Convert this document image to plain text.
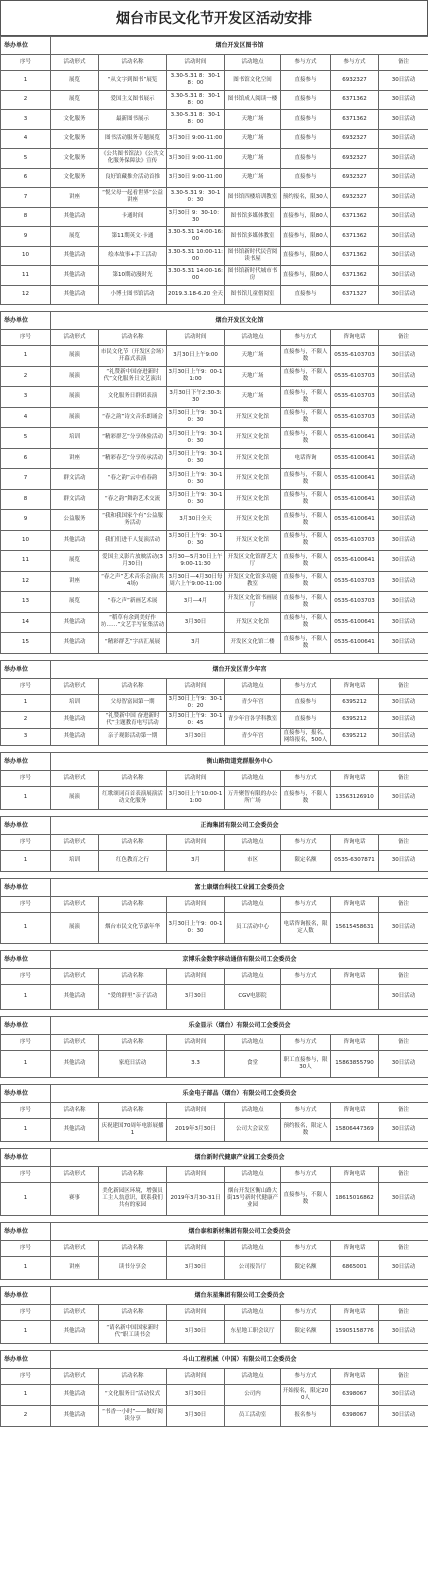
烟台市民文化节开发区活动安排
举办单位	烟台开发区图书馆						
序号	活动形式	活动名称	活动时间	活动地点	参与方式	参与方式	备注
1	展览	“从文字到图书”展览	3.30-5.31 8：30-18：00	图书馆文化空间	直接参与	6932327	30日活动
2	展览	爱国主义图书展示	3.30-5.31 8：30-18：00	图书馆成人阅读一楼	直接参与	6371362	30日活动
3	文化服务	最新图书展示	3.30-5.31 8：30-18：00	天地广场	直接参与	6371362	30日活动
4	文化服务	图书活动服务专题展览	3月30日 9:00-11:00	天地广场	直接参与	6932327	30日活动
5	文化服务	《公共图书馆法》《公共文化服务保障法》宣传	3月30日 9:00-11:00	天地广场	直接参与	6932327	30日活动
6	文化服务	良好馆藏推介活动首推	3月30日 9:00-11:00	天地广场	直接参与	6932327	30日活动
7	讲座	“悦父母一起看世界”公益讲座	3.30-5.31 9：30-10：30	图书馆四楼培训教室	预约报名，限30人	6932327	30日活动
8	其他活动	卡通时间	3月30日 9：30-10：30	图书馆多媒体教室	直接参与，限80人	6371362	30日活动
9	展览	第11期英文·卡通	3.30-5.31 14:00-16:00	图书馆多媒体教室	直接参与，限80人	6371362	30日活动
10	其他活动	绘本故事+手工活动	3.30-5.31 10:00-11:00	图书馆新时代民营阅读书屋	直接参与，限80人	6371362	30日活动
11	其他活动	第10期动漫时光	3.30-5.31 14:00-16:00	图书馆新时代城市书房	直接参与，限80人	6371362	30日活动
12	其他活动	小博士图书馆活动	2019.3.18-6.20 全天	图书馆儿童借阅室	直接参与	6371327	30日活动
举办单位	烟台开发区文化馆						
序号	活动形式	活动名称	活动时间	活动地点	参与方式	咨询电话	备注
1	展演	市民文化节（开发区会场）开幕式表演	3月30日上午9:00	天地广场	直接参与，不限人数	0535-6103703	30日活动
2	展演	“礼赞新中国奋进新时代”文化服务日文艺演出	3月30日上午9：00-11:00	天地广场	直接参与，不限人数	0535-6103703	30日活动
3	展演	文化服务日群团表演	3月30日下午2:30-3:30	天地广场	直接参与，不限人数	0535-6103703	30日活动
4	展演	“春之韵”诗文音乐朗诵会	3月30日上午9：30-10：30	开发区文化馆	直接参与，不限人数	0535-6103703	30日活动
5	培训	“精彩群艺”分享体验活动	3月30日上午9：30-10：30	开发区文化馆	直接参与，不限人数	0535-6100641	30日活动
6	讲座	“精彩春艺”分享传承活动	3月30日上午9：30-10：30	开发区文化馆	电话咨询	0535-6100641	30日活动
7	群文活动	“春之韵”云中看春韵	3月30日上午9：30-10：30	开发区文化馆	直接参与，不限人数	0535-6100641	30日活动
8	群文活动	“春之韵”舞韵艺术交流	3月30日上午9：30-10：30	开发区文化馆	直接参与，不限人数	0535-6100641	30日活动
9	公益服务	“我和我国家个有”公益服务活动	3月30日全天	开发区文化馆	直接参与，不限人数	0535-6100641	30日活动
10	其他活动	我们们进千人复演活动	3月30日上午9：30-10：30	开发区文化馆	直接参与，不限人数	0535-6103703	30日活动
11	展览	爱国主义影片放映活动(3月30日)	3月30—5月30日上午9:00-11:30	开发区文化馆群艺大厅	直接参与，不限人数	0535-6100641	30日活动
12	讲座	“春之声”艺术音乐会演(共4场)	3月30日—4月30日每周六上午9:00-11:00	开发区文化馆多功能教室	直接参与，不限人数	0535-6103703	30日活动
13	展览	“春之声”新画艺术展	3月—4月	开发区文化馆书画展厅	直接参与，不限人数	0535-6103703	30日活动
14	其他活动	“稻草有余到美好作坊……”文艺手写征集活动	3月30日	开发区文化馆	直接参与，不限人数	0535-6100641	30日活动
15	其他活动	“精彩群艺”字店汇展展	3月	开发区文化馆二楼	直接参与，不限人数	0535-6100641	30日活动
举办单位	烟台开发区青少年宫						
序号	活动形式	活动名称	活动时间	活动地点	参与方式	咨询电话	备注
1	培训	父母智富园第一期	3月30日上午9：30-10：20	青少年宫	直接参与	6395212	30日活动
2	其他活动	“礼赞新中国 奋进新时代”主题教育电写活动	3月30日上午9：30-10：45	青少年宫各学科教室	直接参与	6395212	30日活动
3	其他活动	亲子观影活动第一期	3月30日	青少年宫	直接参与，报名，网络报名，500人	6395212	30日活动
举办单位	衡山路街道党群服务中心						
序号	活动形式	活动名称	活动时间	活动地点	参与方式	咨询电话	备注
1	展演	红歌颂词百首表演展演活动文化服务	3月30日上午10:00-11:00	万升聚智有限的办公所广场	直接参与，不限人数	13563126910	30日活动
举办单位	正海集团有限公司工会委员会						
序号	活动形式	活动名称	活动时间	活动地点	参与方式	咨询电话	备注
1	培训	红色教育之行	3月	市区	限定名额	0535-6307871	30日活动
举办单位	富士康烟台科技工业园工会委员会						
序号	活动形式	活动名称	活动时间	活动地点	参与方式	咨询电话	备注
1	展演	烟台市民文化节嘉年华	3月30日上午9：00-10：30	员工活动中心	电话咨询报名，限定人数	15615458631	30日活动
举办单位	京博乐金数字移动通信有限公司工会委员会						
序号	活动形式	活动名称	活动时间	活动地点	参与方式	咨询电话	备注
1	其他活动	“爱的群里”亲子活动	3月30日	CGV电影院			30日活动
举办单位	乐金显示（烟台）有限公司工会委员会						
序号	活动形式	活动名称	活动时间	活动地点	参与方式	咨询电话	备注
1	其他活动	家庭日活动	3.3	食堂	职工直接参与，限30人	15863855790	30日活动
举办单位	乐金电子部品（烟台）有限公司工会委员会						
序号	活动名称	活动名称	活动时间	活动地点	参与方式	咨询电话	备注
1	其他活动	庆祝建国70周年电影展播1	2019年3月30日	公司大会议室	预约报名，限定人数	15806447369	30日活动
举办单位	烟台新时代健康产业园工会委员会						
序号	活动形式	活动名称	活动时间	活动地点	参与方式	咨询电话	备注
1	赛事	美化新园区环境，增强员工主人翁意识，联系我们共有的家园	2019年3月30-31日	烟台开发区衡山路大街15号新时代健康产业园	直接参与，不限人数	18615016862	30日活动
举办单位	烟台泰和新材集团有限公司工会委员会						
序号	活动形式	活动名称	活动时间	活动地点	参与方式	咨询电话	备注
1	讲座	读书分享会	3月30日	公司报告厅	限定名额	6865001	30日活动
举办单位	烟台东星集团有限公司工会委员会						
序号	活动形式	活动名称	活动时间	活动地点	参与方式	咨询电话	备注
1	其他活动	“请名新中国国家新时代”职工读书会	3月30日	东星地工职会议厅	限定名额	15905158776	30日活动
举办单位	斗山工程机械（中国）有限公司工会委员会						
序号	活动形式	活动名称	活动时间	活动地点	参与方式	咨询电话	备注
1	其他活动	“文化服务日”活动仪式	3月30日	公司内	开始报名，限定200人	6398067	30日活动
2	其他活动	“书香一小时”——做好阅读分享	3月30日	员工活动室	报名参与	6398067	30日活动
